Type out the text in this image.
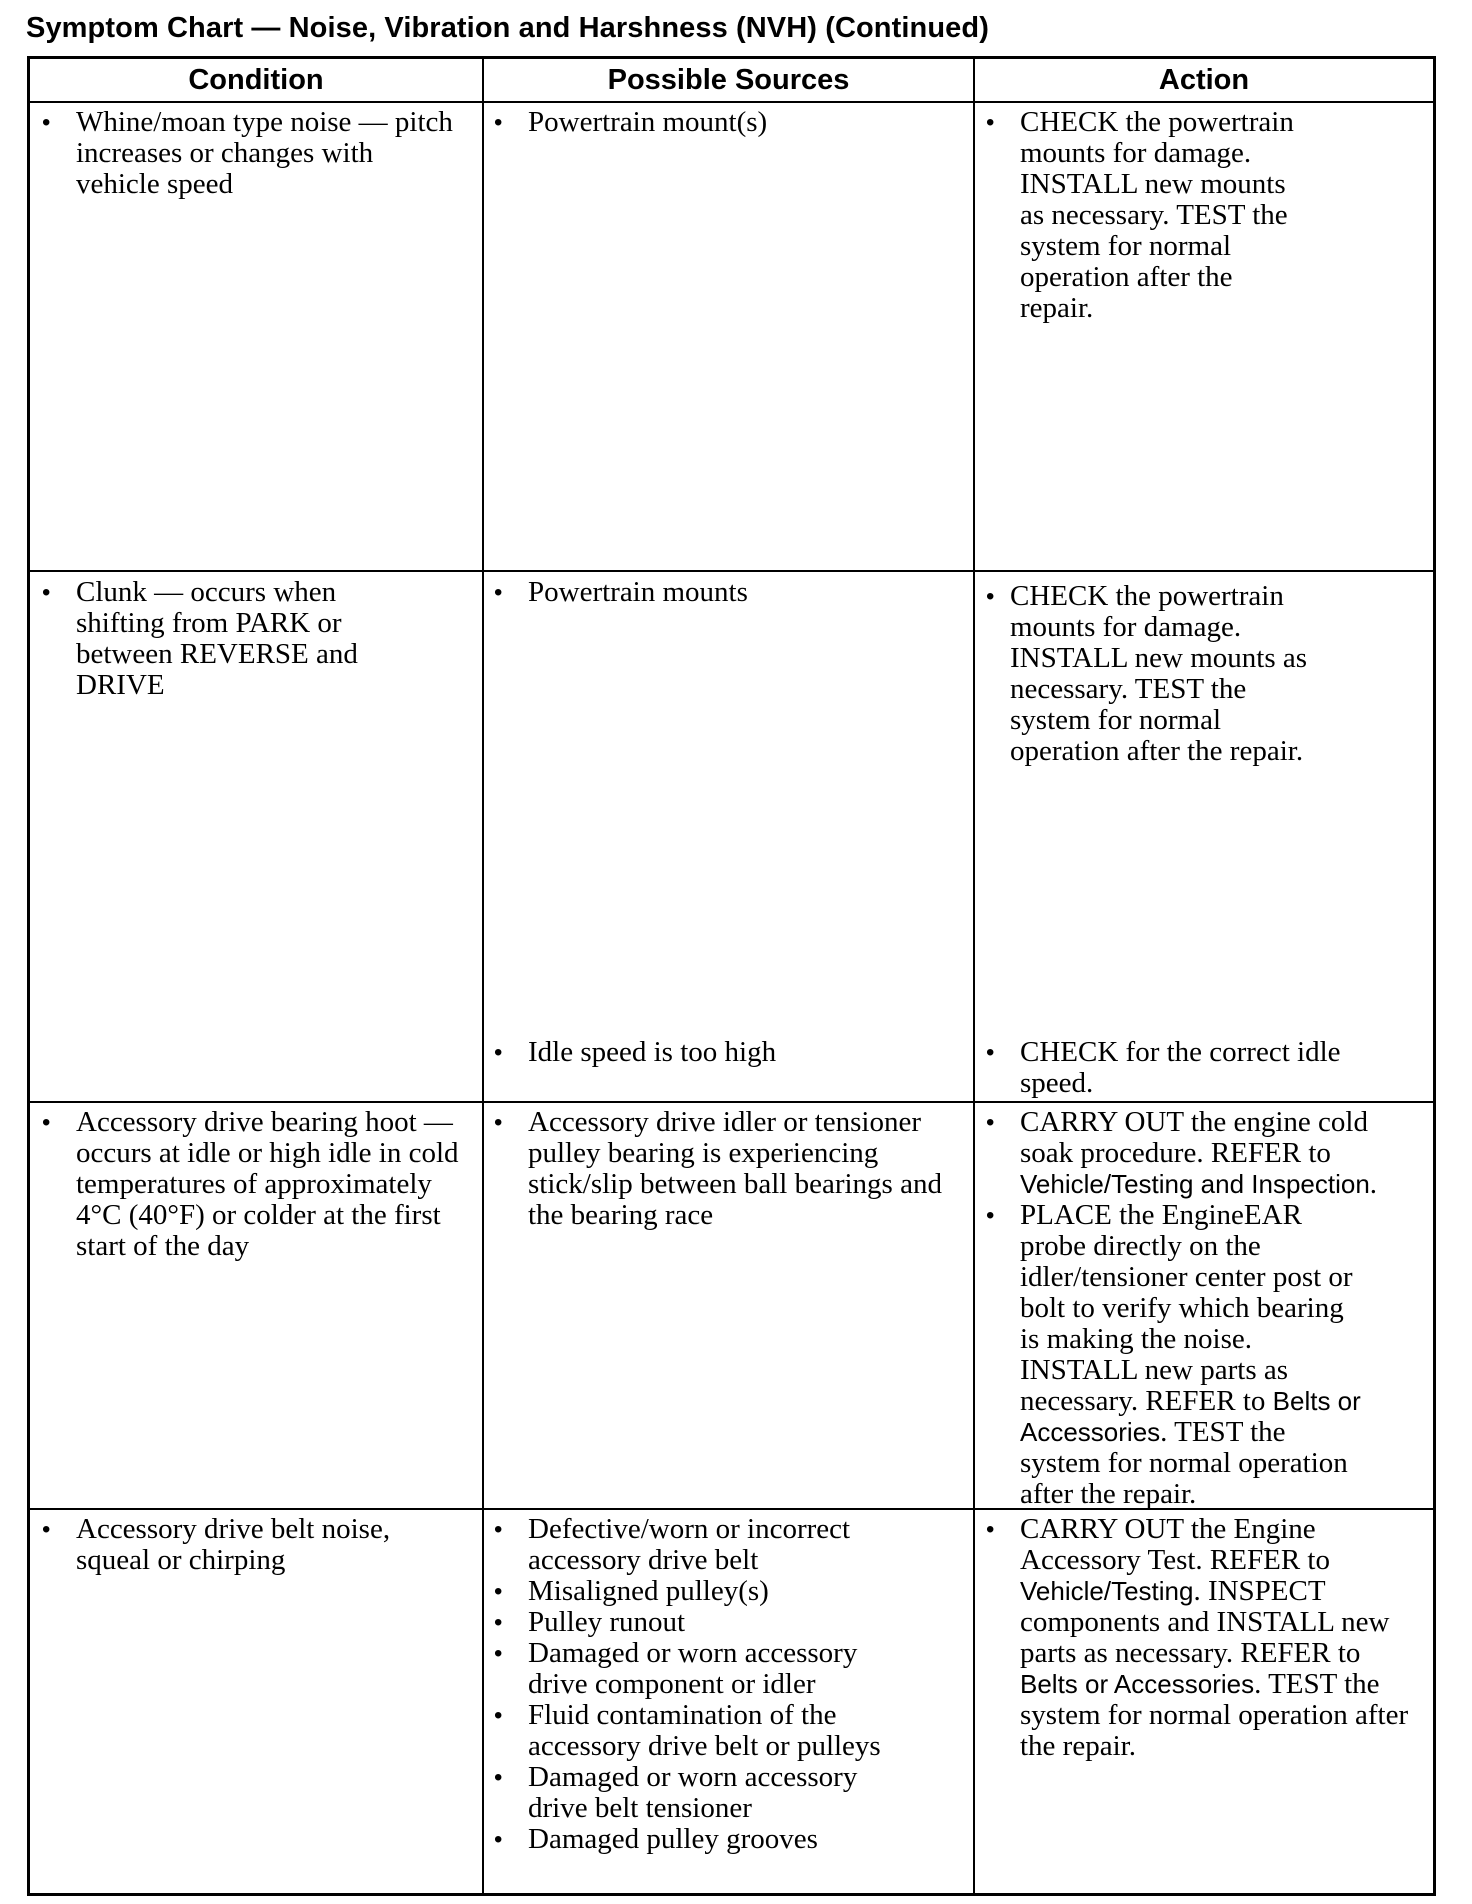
Symptom Chart — Noise, Vibration and Harshness (NVH) (Continued)
Condition	Possible Sources	Action
• Whine/moan type noise — pitch increases or changes with vehicle speed
• Powertrain mount(s)
•	CHECK the powertrain mounts for damage. INSTALL new mounts as necessary. TEST the system for normal operation after the repair.
• Clunk — occurs when shifting from PARK or between REVERSE and DRIVE
• Powertrain mounts
• Idle speed is too high
• CHECK the powertrain mounts for damage. INSTALL new mounts as necessary. TEST the system for normal operation after the repair.
• CHECK for the correct idle speed.
• Accessory drive bearing hoot — occurs at idle or high idle in cold temperatures of approximately 4°C (40°F) or colder at the first start of the day
• Accessory drive idler or tensioner pulley bearing is experiencing stick/slip between ball bearings and the bearing race
• CARRY OUT the engine cold soak procedure. REFER to Vehicle/Testing and Inspection.
• PLACE the EngineEAR probe directly on the idler/tensioner center post or bolt to verify which bearing is making the noise. INSTALL new parts as necessary. REFER to Belts or Accessories. TEST the system for normal operation after the repair.
• Accessory drive belt noise, squeal or chirping
• Defective/worn or incorrect accessory drive belt
• Misaligned pulley(s)
• Pulley runout
• Damaged or worn accessory drive component or idler
• Fluid contamination of the accessory drive belt or pulleys
• Damaged or worn accessory drive belt tensioner
• Damaged pulley grooves
• CARRY OUT the Engine Accessory Test. REFER to Vehicle/Testing. INSPECT components and INSTALL new parts as necessary. REFER to Belts or Accessories. TEST the system for normal operation after the repair.
